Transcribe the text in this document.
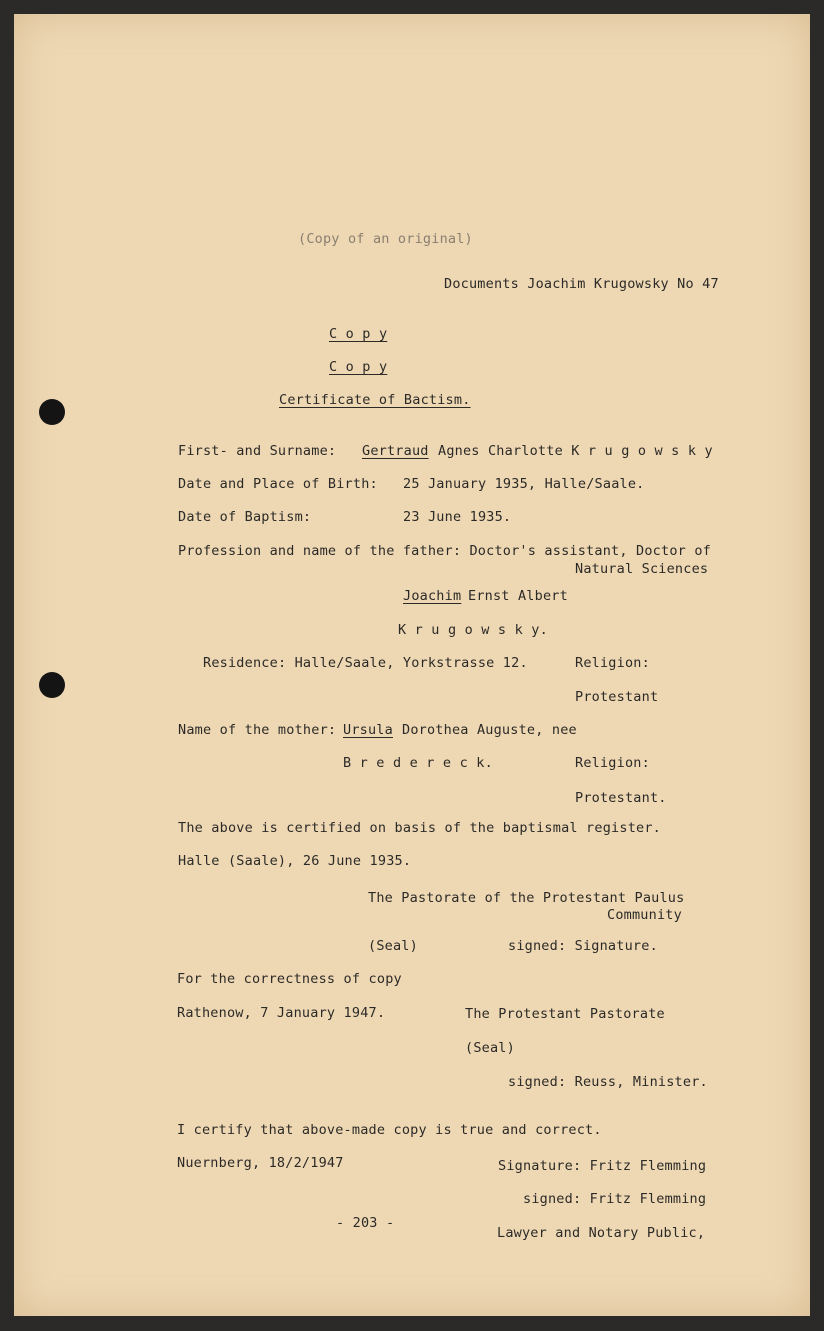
(Copy of an original)
Documents Joachim Krugowsky No 47
C o p y
C o p y
Certificate of Bactism.
First- and Surname: Gertraud Agnes Charlotte K r u g o w s k y
Date and Place of Birth: 25 January 1935, Halle/Saale.
Date of Baptism:	23 June 1935.
Profession and name of the father: Doctor's assistant, Doctor of
Natural Sciences
Joachim Ernst Albert
K r u g o w s k y.
Residence: Halle/Saale, Yorkstrasse 12.	Religion:
Protestant
Name of the mother: Ursula Dorothea Auguste, nee
B r e d e r e c k.	Religion:
Protestant.
The above is certified on basis of the baptismal register.
Halle (Saale), 26 June 1935.
The Pastorate of the Protestant Paulus
Community
(Seal)	signed: Signature.
For the correctness of copy
Rathenow, 7 January 1947.	The Protestant Pastorate
(Seal)
signed: Reuss, Minister.
I certify that above-made copy is true and correct.
Nuernberg, 18/2/1947	Signature: Fritz Flemming
signed: Fritz Flemming
- 203 -
Lawyer and Notary Public,
